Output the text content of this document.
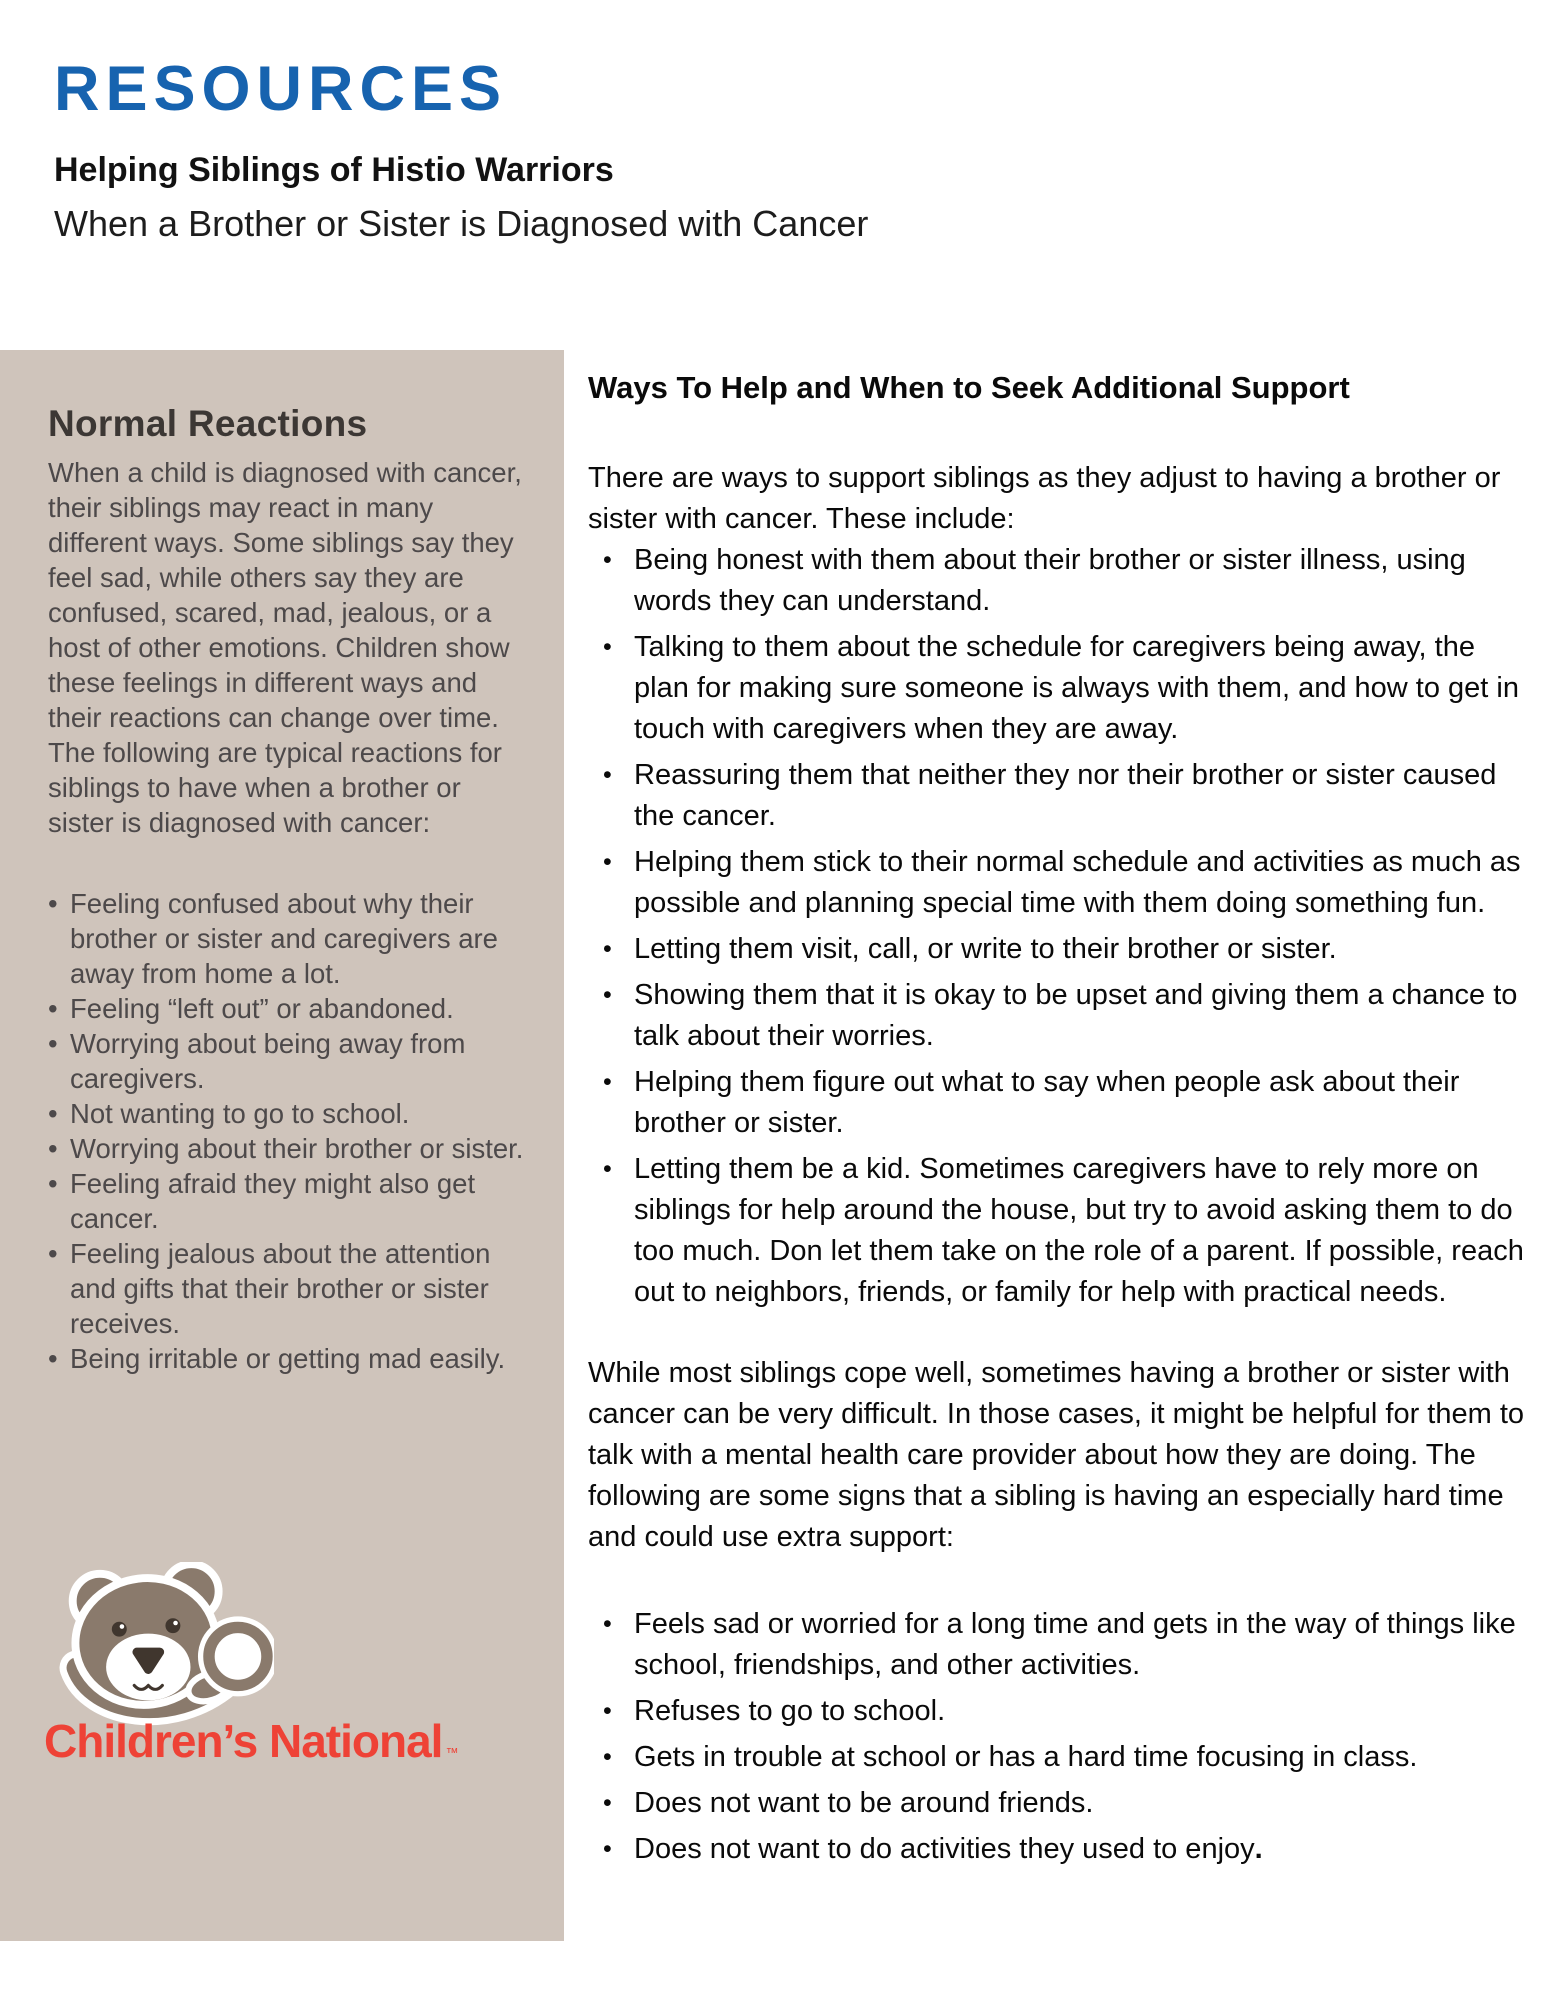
RESOURCES
Helping Siblings of Histio Warriors
When a Brother or Sister is Diagnosed with Cancer
Normal Reactions

When a child is diagnosed with cancer, their siblings may react in many different ways. Some siblings say they feel sad, while others say they are confused, scared, mad, jealous, or a host of other emotions. Children show these feelings in different ways and their reactions can change over time. The following are typical reactions for siblings to have when a brother or sister is diagnosed with cancer:

• Feeling confused about why their brother or sister and caregivers are away from home a lot.
• Feeling “left out” or abandoned.
• Worrying about being away from caregivers.
• Not wanting to go to school.
• Worrying about their brother or sister.
• Feeling afraid they might also get cancer.
• Feeling jealous about the attention and gifts that their brother or sister receives.
• Being irritable or getting mad easily.
Children’s National ™
Ways To Help and When to Seek Additional Support

There are ways to support siblings as they adjust to having a brother or sister with cancer. These include:

• Being honest with them about their brother or sister illness, using words they can understand.
• Talking to them about the schedule for caregivers being away, the plan for making sure someone is always with them, and how to get in touch with caregivers when they are away.
• Reassuring them that neither they nor their brother or sister caused the cancer.
• Helping them stick to their normal schedule and activities as much as possible and planning special time with them doing something fun.
• Letting them visit, call, or write to their brother or sister.
• Showing them that it is okay to be upset and giving them a chance to talk about their worries.
• Helping them figure out what to say when people ask about their brother or sister.
• Letting them be a kid. Sometimes caregivers have to rely more on siblings for help around the house, but try to avoid asking them to do too much. Don let them take on the role of a parent. If possible, reach out to neighbors, friends, or family for help with practical needs.

While most siblings cope well, sometimes having a brother or sister with cancer can be very difficult. In those cases, it might be helpful for them to talk with a mental health care provider about how they are doing. The following are some signs that a sibling is having an especially hard time and could use extra support:

• Feels sad or worried for a long time and gets in the way of things like school, friendships, and other activities.
• Refuses to go to school.
• Gets in trouble at school or has a hard time focusing in class.
• Does not want to be around friends.
• Does not want to do activities they used to enjoy.
